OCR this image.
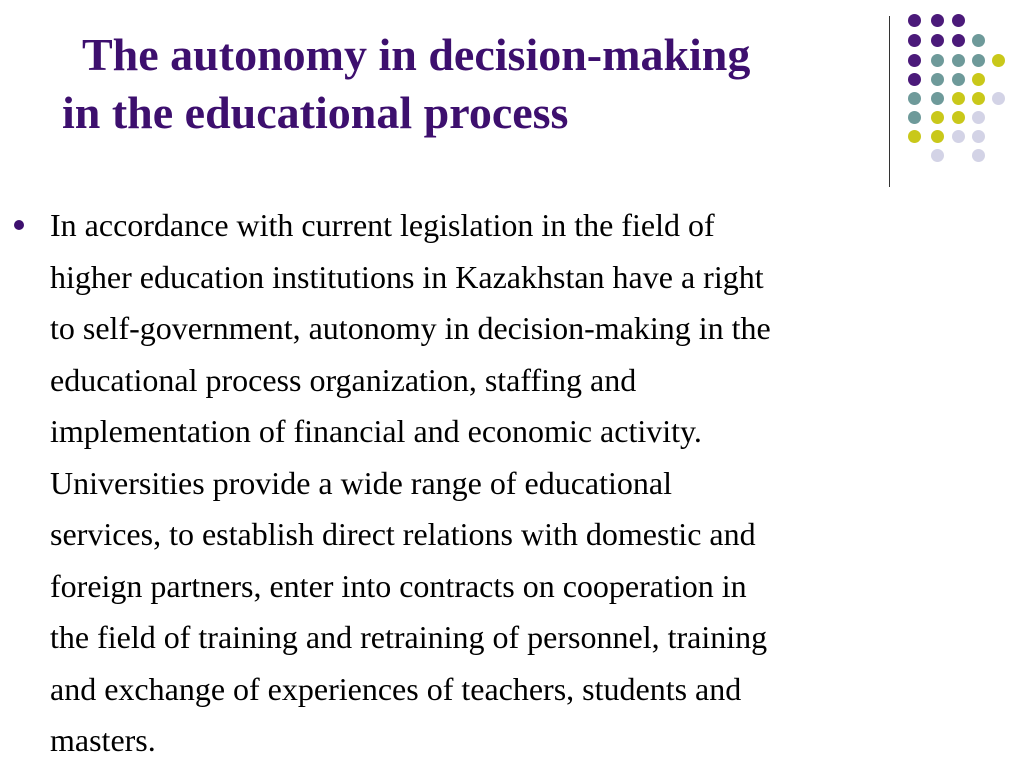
The autonomy in decision-making
in the educational process

In accordance with current legislation in the field of
higher education institutions in Kazakhstan have a right
to self-government, autonomy in decision-making in the
educational process organization, staffing and
implementation of financial and economic activity.
Universities provide a wide range of educational
services, to establish direct relations with domestic and
foreign partners, enter into contracts on cooperation in
the field of training and retraining of personnel, training
and exchange of experiences of teachers, students and
masters.
